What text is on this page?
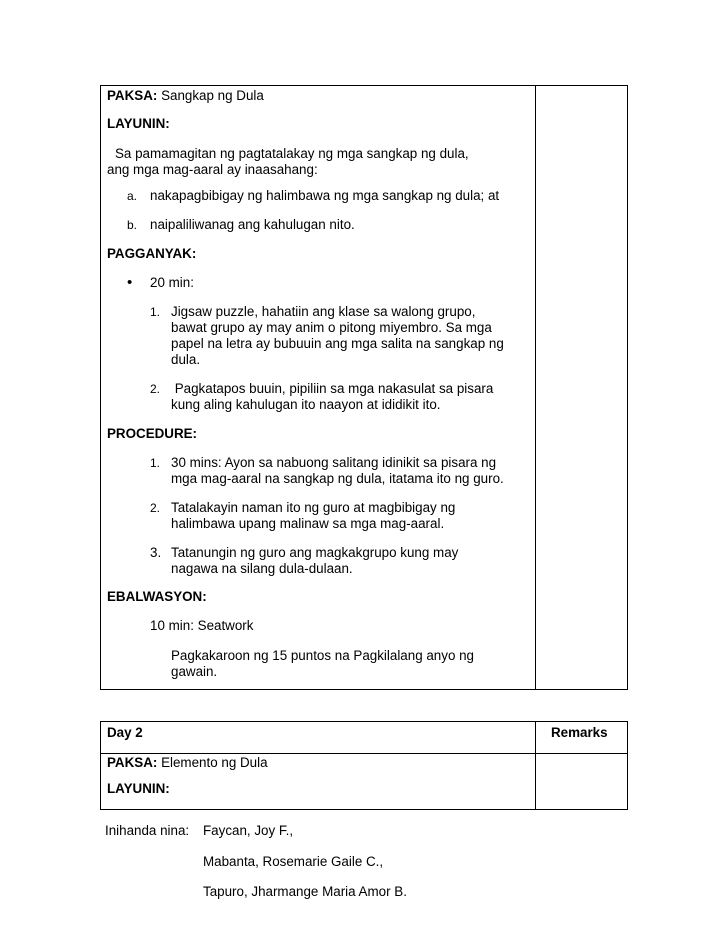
PAKSA: Sangkap ng Dula
LAYUNIN:
Sa pamamagitan ng pagtatalakay ng mga sangkap ng dula,
ang mga mag-aaral ay inaasahang:
a. nakapagbibigay ng halimbawa ng mga sangkap ng dula; at
b. naipaliliwanag ang kahulugan nito.
PAGGANYAK:
• 20 min:
1. Jigsaw puzzle, hahatiin ang klase sa walong grupo,
bawat grupo ay may anim o pitong miyembro. Sa mga
papel na letra ay bubuuin ang mga salita na sangkap ng
dula.
2. Pagkatapos buuin, pipiliin sa mga nakasulat sa pisara
kung aling kahulugan ito naayon at ididikit ito.
PROCEDURE:
1. 30 mins: Ayon sa nabuong salitang idinikit sa pisara ng
mga mag-aaral na sangkap ng dula, itatama ito ng guro.
2. Tatalakayin naman ito ng guro at magbibigay ng
halimbawa upang malinaw sa mga mag-aaral.
3. Tatanungin ng guro ang magkakgrupo kung may
nagawa na silang dula-dulaan.
EBALWASYON:
10 min: Seatwork
Pagkakaroon ng 15 puntos na Pagkilalang anyo ng
gawain.
Day 2	Remarks
PAKSA: Elemento ng Dula
LAYUNIN:
Inihanda nina: Faycan, Joy F.,
Mabanta, Rosemarie Gaile C.,
Tapuro, Jharmange Maria Amor B.
